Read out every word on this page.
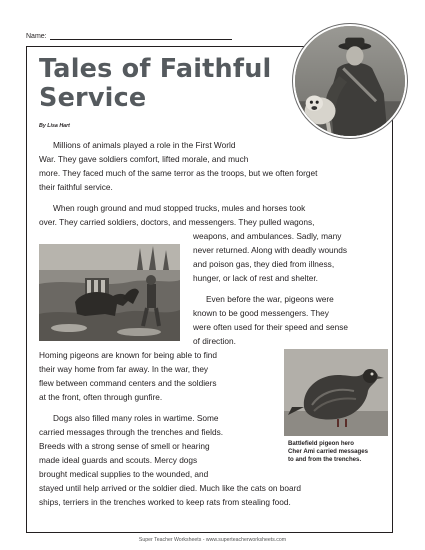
Name:
Tales of Faithful
Service
By Lisa Hart
Battlefield pigeon hero
Cher Ami carried messages
to and from the trenches.
Millions of animals played a role in the First World
War. They gave soldiers comfort, lifted morale, and much
more. They faced much of the same terror as the troops, but we often forget
their faithful service.
When rough ground and mud stopped trucks, mules and horses took
over. They carried soldiers, doctors, and messengers. They pulled wagons,
weapons, and ambulances. Sadly, many
never returned. Along with deadly wounds
and poison gas, they died from illness,
hunger, or lack of rest and shelter.
Even before the war, pigeons were
known to be good messengers. They
were often used for their speed and sense
of direction.
Homing pigeons are known for being able to find
their way home from far away. In the war, they
flew between command centers and the soldiers
at the front, often through gunfire.
Dogs also filled many roles in wartime. Some
carried messages through the trenches and fields.
Breeds with a strong sense of smell or hearing
made ideal guards and scouts. Mercy dogs
brought medical supplies to the wounded, and
stayed until help arrived or the soldier died. Much like the cats on board
ships, terriers in the trenches worked to keep rats from stealing food.
Super Teacher Worksheets - www.superteacherworksheets.com
